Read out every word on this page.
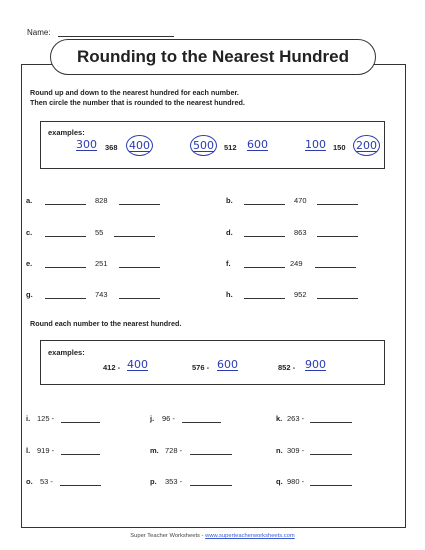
Name:
Rounding to the Nearest Hundred
Round up and down to the nearest hundred for each number.
Then circle the number that is rounded to the nearest hundred.
examples:
300 368 400	500	512 600	100 150 200
a.	828	b.	470
c.	55	d.	863
e.	251	f.	249
g.	743	h.	952
Round each number to the nearest hundred.
examples:
412 - 400	576 - 600	852 - 900
i. 125 -	j. 96 -	k. 263 -
l. 919 -	m. 728 -	n. 309 -
o. 53 -	p. 353 -	q. 980 -
Super Teacher Worksheets - www.superteacherworksheets.com
